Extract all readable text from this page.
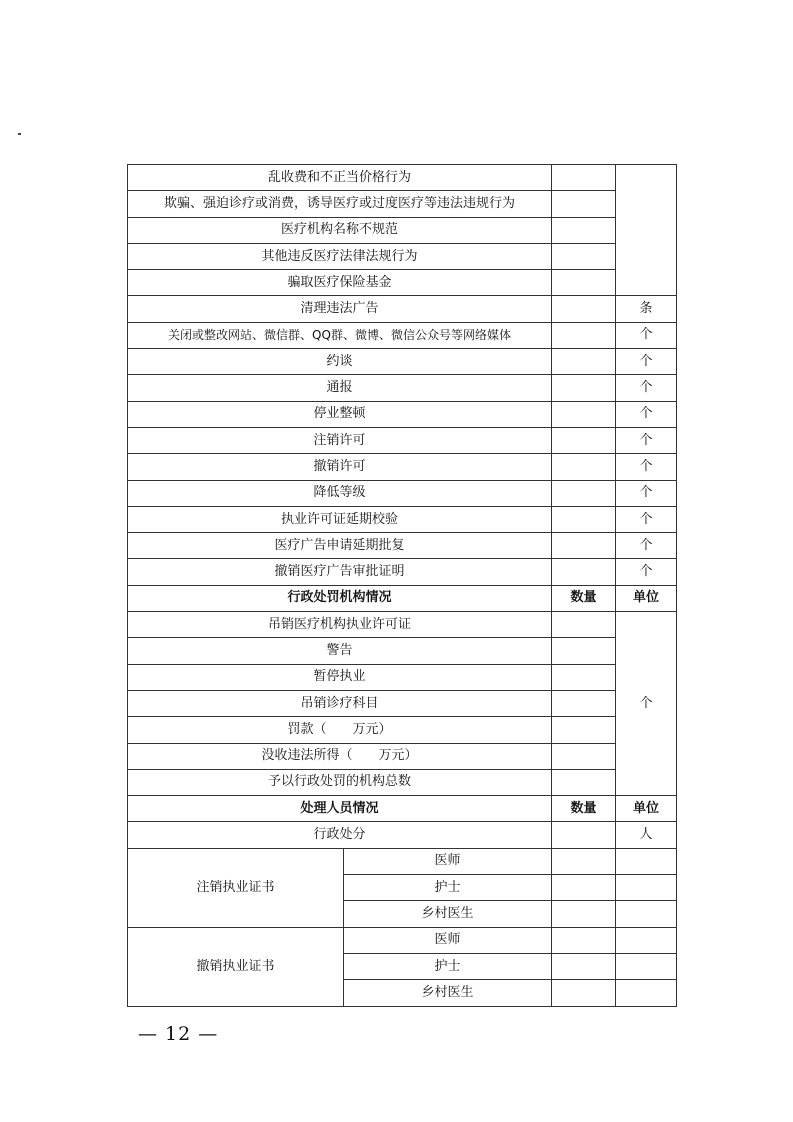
乱收费和不正当价格行为			
欺骗、强迫诊疗或消费，诱导医疗或过度医疗等违法违规行为			
医疗机构名称不规范			
其他违反医疗法律法规行为			
骗取医疗保险基金			
清理违法广告			条
关闭或整改网站、微信群、QQ群、微博、微信公众号等网络媒体			个
约谈			个
通报			个
停业整顿			个
注销许可			个
撤销许可			个
降低等级			个
执业许可证延期校验			个
医疗广告申请延期批复			个
撤销医疗广告审批证明			个
行政处罚机构情况		数量	单位
吊销医疗机构执业许可证			个
警告			
暂停执业			
吊销诊疗科目			
罚款（　　万元）			
没收违法所得（　　万元）			
予以行政处罚的机构总数			
处理人员情况		数量	单位
行政处分			人
注销执业证书	医师		
	护士		
	乡村医生		
撤销执业证书	医师		
	护士		
	乡村医生		
— 12 —
